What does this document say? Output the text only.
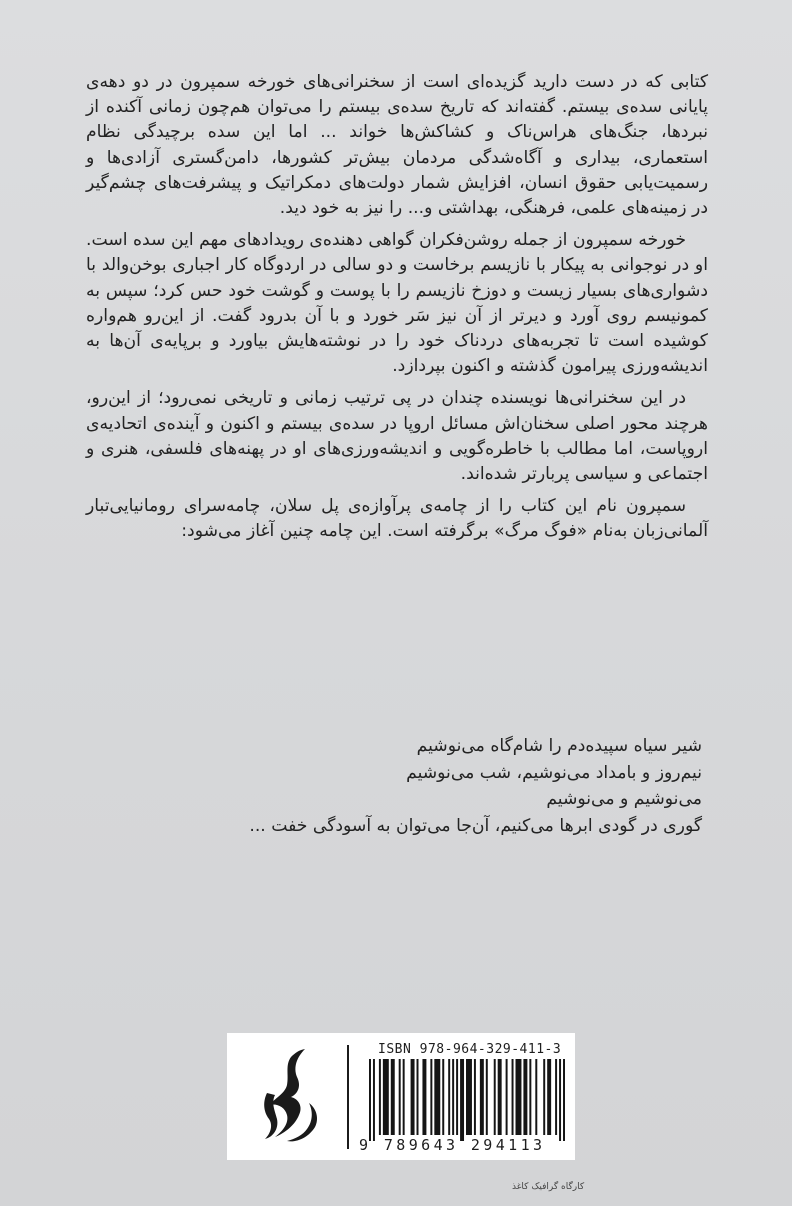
کتابی که در دست دارید گزیده‌ای است از سخنرانی‌های خورخه سمپرون در دو دهه‌ی پایانی سده‌ی بیستم. گفته‌اند که تاریخ سده‌ی بیستم را می‌توان هم‌چون زمانی آکنده از نبردها، جنگ‌های هراس‌ناک و کشاکش‌ها خواند ... اما این سده برچیدگی نظام استعماری، بیداری و آگاه‌شدگی مردمان بیش‌تر کشورها، دامن‌گستری آزادی‌ها و رسمیت‌یابی حقوق انسان، افزایش شمار دولت‌های دمکراتیک و پیشرفت‌های چشم‌گیر در زمینه‌های علمی، فرهنگی، بهداشتی و... را نیز به خود دید.

خورخه سمپرون از جمله روشن‌فکران گواهی دهنده‌ی رویدادهای مهم این سده است. او در نوجوانی به پیکار با نازیسم برخاست و دو سالی در اردوگاه کار اجباری بوخن‌والد با دشواری‌های بسیار زیست و دوزخ نازیسم را با پوست و گوشت خود حس کرد؛ سپس به کمونیسم روی آورد و دیرتر از آن نیز سَر خورد و با آن بدرود گفت. از این‌رو هم‌واره کوشیده است تا تجربه‌های دردناک خود را در نوشته‌هایش بیاورد و برپایه‌ی آن‌ها به اندیشه‌ورزی پیرامون گذشته و اکنون بپردازد.

در این سخنرانی‌ها نویسنده چندان در پی ترتیب زمانی و تاریخی نمی‌رود؛ از این‌رو، هرچند محور اصلی سخنان‌اش مسائل اروپا در سده‌ی بیستم و اکنون و آینده‌ی اتحادیه‌ی اروپاست، اما مطالب با خاطره‌گویی و اندیشه‌ورزی‌های او در پهنه‌های فلسفی، هنری و اجتماعی و سیاسی پربارتر شده‌اند.

سمپرون نام این کتاب را از چامه‌ی پرآوازه‌ی پل سلان، چامه‌سرای رومانیایی‌تبار آلمانی‌زبان به‌نام «فوگ مرگ» برگرفته است. این چامه چنین آغاز می‌شود:

شیر سیاه سپیده‌دم را شام‌گاه می‌نوشیم
نیم‌روز و بامداد می‌نوشیم، شب می‌نوشیم
می‌نوشیم و می‌نوشیم
گوری در گودی ابرها می‌کنیم، آن‌جا می‌توان به آسودگی خفت ...
ISBN 978-964-329-411-3
9 789643 294113
کارگاه گرافیک کاغذ
